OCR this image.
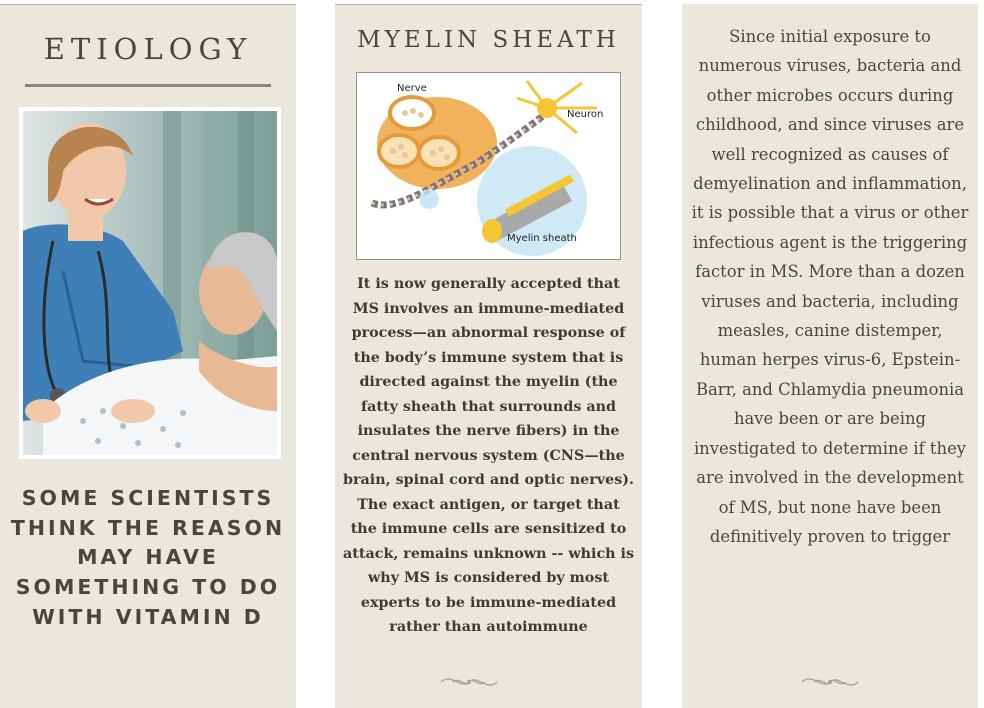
ETIOLOGY
SOME SCIENTISTS THINK THE REASON MAY HAVE SOMETHING TO DO WITH VITAMIN D
MYELIN SHEATH
Nerve
Neuron
Myelin sheath
It is now generally accepted that MS involves an immune-mediated process—an abnormal response of the body’s immune system that is directed against the myelin (the fatty sheath that surrounds and insulates the nerve fibers) in the central nervous system (CNS—the brain, spinal cord and optic nerves). The exact antigen, or target that the immune cells are sensitized to attack, remains unknown -- which is why MS is considered by most experts to be immune-mediated rather than autoimmune
Since initial exposure to numerous viruses, bacteria and other microbes occurs during childhood, and since viruses are well recognized as causes of demyelination and inflammation, it is possible that a virus or other infectious agent is the triggering factor in MS. More than a dozen viruses and bacteria, including measles, canine distemper, human herpes virus-6, Epstein-Barr, and Chlamydia pneumonia have been or are being investigated to determine if they are involved in the development of MS, but none have been definitively proven to trigger
